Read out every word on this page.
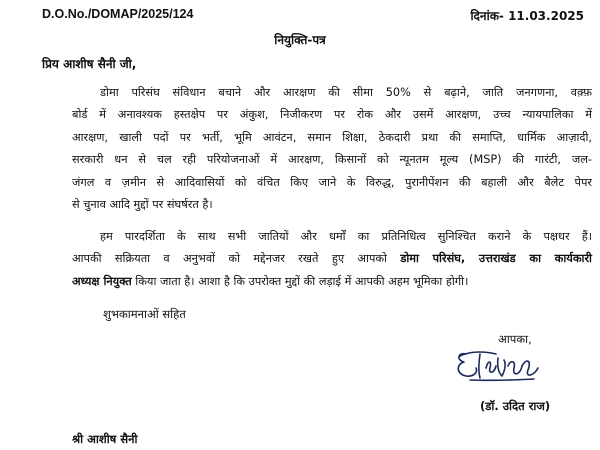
D.O.No./DOMAP/2025/124	दिनांक- 11.03.2025
नियुक्ति-पत्र
प्रिय आशीष सैनी जी,

डोमा परिसंघ संविधान बचाने और आरक्षण की सीमा 50% से बढ़ाने, जाति जनगणना, वक़्फ़
बोर्ड में अनावश्यक हस्तक्षेप पर अंकुश, निजीकरण पर रोक और उसमें आरक्षण, उच्च न्यायपालिका में
आरक्षण, खाली पदों पर भर्ती, भूमि आवंटन, समान शिक्षा, ठेकदारी प्रथा की समाप्ति, धार्मिक आज़ादी,
सरकारी धन से चल रही परियोजनाओं में आरक्षण, किसानों को न्यूनतम मूल्य (MSP) की गारंटी, जल-
जंगल व ज़मीन से आदिवासियों को वंचित किए जाने के विरुद्ध, पुरानीपेंशन की बहाली और बैलेट पेपर
से चुनाव आदि मुद्दों पर संघर्षरत है।

हम पारदर्शिता के साथ सभी जातियों और धर्मों का प्रतिनिधित्व सुनिश्चित कराने के पक्षधर हैं।
आपकी सक्रियता व अनुभवों को मद्देनजर रखते हुए आपको डोमा परिसंघ, उत्तराखंड का कार्यकारी
अध्यक्ष नियुक्त किया जाता है। आशा है कि उपरोक्त मुद्दों की लड़ाई में आपकी अहम भूमिका होगी।

शुभकामनाओं सहित
आपका,
(डॉ. उदित राज)
श्री आशीष सैनी
